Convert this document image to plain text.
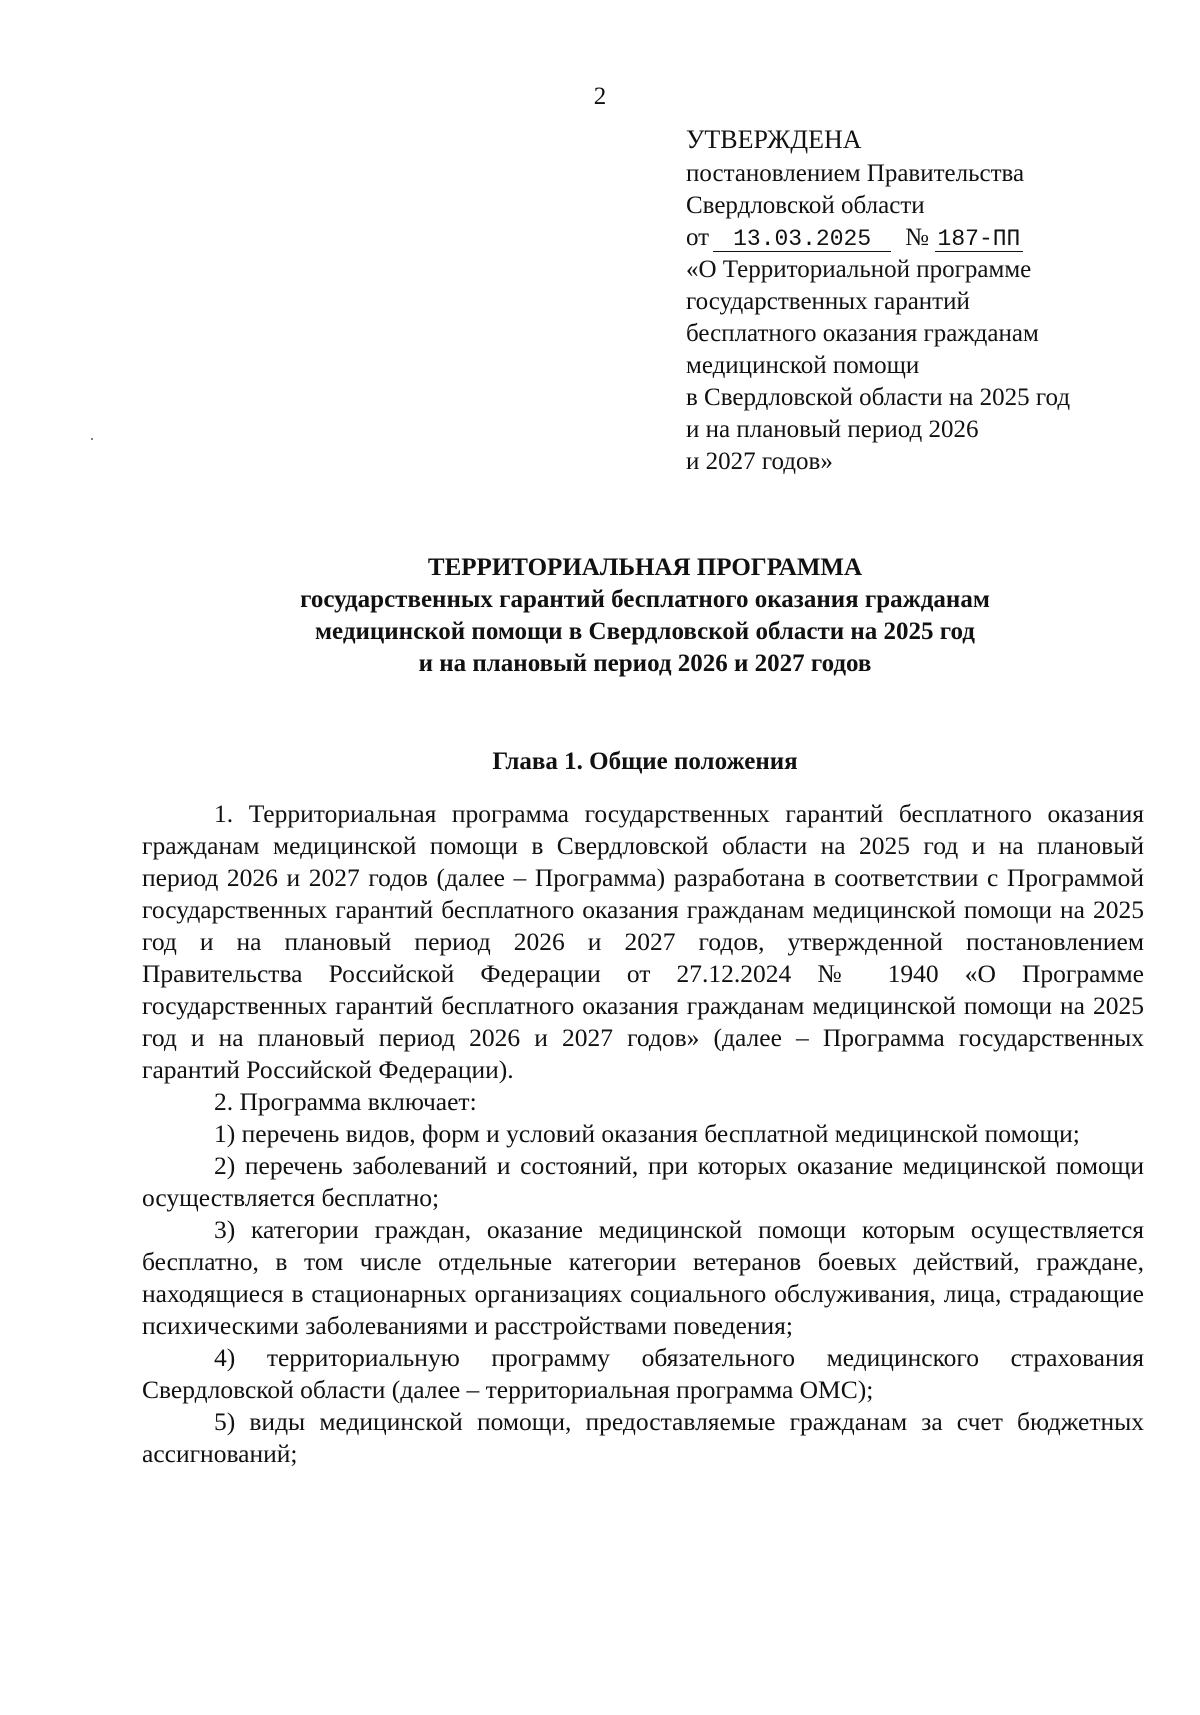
2
УТВЕРЖДЕНА
постановлением Правительства
Свердловской области
от 13.03.2025 № 187-ПП
«О Территориальной программе
государственных гарантий
бесплатного оказания гражданам
медицинской помощи
в Свердловской области на 2025 год
и на плановый период 2026
и 2027 годов»
ТЕРРИТОРИАЛЬНАЯ ПРОГРАММА
государственных гарантий бесплатного оказания гражданам
медицинской помощи в Свердловской области на 2025 год
и на плановый период 2026 и 2027 годов
Глава 1. Общие положения

1. Территориальная программа государственных гарантий бесплатного оказания гражданам медицинской помощи в Свердловской области на 2025 год и на плановый период 2026 и 2027 годов (далее – Программа) разработана в соответствии с Программой государственных гарантий бесплатного оказания гражданам медицинской помощи на 2025 год и на плановый период 2026 и 2027 годов, утвержденной постановлением Правительства Российской Федерации от 27.12.2024 № 1940 «О Программе государственных гарантий бесплатного оказания гражданам медицинской помощи на 2025 год и на плановый период 2026 и 2027 годов» (далее – Программа государственных гарантий Российской Федерации).

2. Программа включает:

1) перечень видов, форм и условий оказания бесплатной медицинской помощи;

2) перечень заболеваний и состояний, при которых оказание медицинской помощи осуществляется бесплатно;

3) категории граждан, оказание медицинской помощи которым осуществляется бесплатно, в том числе отдельные категории ветеранов боевых действий, граждане, находящиеся в стационарных организациях социального обслуживания, лица, страдающие психическими заболеваниями и расстройствами поведения;

4) территориальную программу обязательного медицинского страхования Свердловской области (далее – территориальная программа ОМС);

5) виды медицинской помощи, предоставляемые гражданам за счет бюджетных ассигнований;
